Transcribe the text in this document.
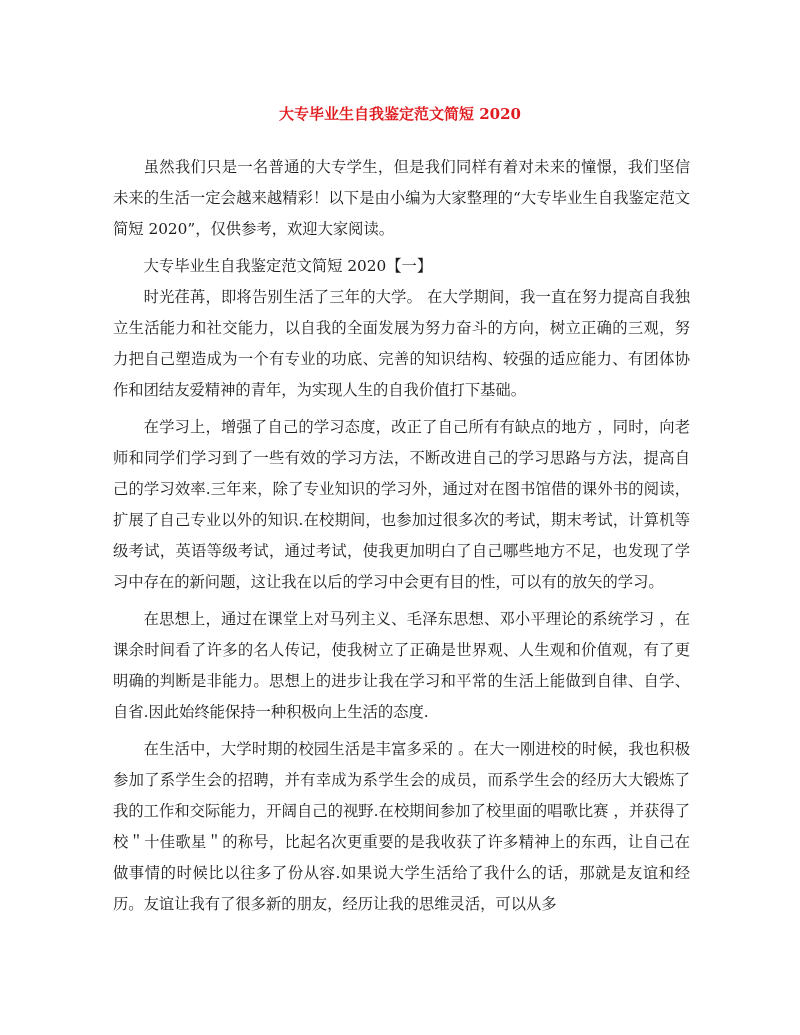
大专毕业生自我鉴定范文简短 2020

虽然我们只是一名普通的大专学生，但是我们同样有着对未来的憧憬，我们坚信未来的生活一定会越来越精彩！以下是由小编为大家整理的“大专毕业生自我鉴定范文简短 2020”，仅供参考，欢迎大家阅读。

大专毕业生自我鉴定范文简短 2020【一】

时光荏苒，即将告别生活了三年的大学。 在大学期间，我一直在努力提高自我独立生活能力和社交能力，以自我的全面发展为努力奋斗的方向，树立正确的三观，努力把自己塑造成为一个有专业的功底、完善的知识结构、较强的适应能力、有团体协作和团结友爱精神的青年，为实现人生的自我价值打下基础。

在学习上，增强了自己的学习态度，改正了自己所有有缺点的地方 ，同时，向老师和同学们学习到了一些有效的学习方法，不断改进自己的学习思路与方法，提高自己的学习效率.三年来，除了专业知识的学习外，通过对在图书馆借的课外书的阅读，扩展了自己专业以外的知识.在校期间，也参加过很多次的考试，期末考试，计算机等级考试，英语等级考试，通过考试，使我更加明白了自己哪些地方不足，也发现了学习中存在的新问题，这让我在以后的学习中会更有目的性，可以有的放矢的学习。

在思想上，通过在课堂上对马列主义、毛泽东思想、邓小平理论的系统学习 ，在课余时间看了许多的名人传记，使我树立了正确是世界观、人生观和价值观，有了更明确的判断是非能力。思想上的进步让我在学习和平常的生活上能做到自律、自学、自省.因此始终能保持一种积极向上生活的态度.

在生活中，大学时期的校园生活是丰富多采的 。在大一刚进校的时候，我也积极参加了系学生会的招聘，并有幸成为系学生会的成员，而系学生会的经历大大锻炼了我的工作和交际能力，开阔自己的视野.在校期间参加了校里面的唱歌比赛 ，并获得了校＂十佳歌星＂的称号，比起名次更重要的是我收获了许多精神上的东西，让自己在做事情的时候比以往多了份从容.如果说大学生活给了我什么的话，那就是友谊和经历。友谊让我有了很多新的朋友，经历让我的思维灵活，可以从多
